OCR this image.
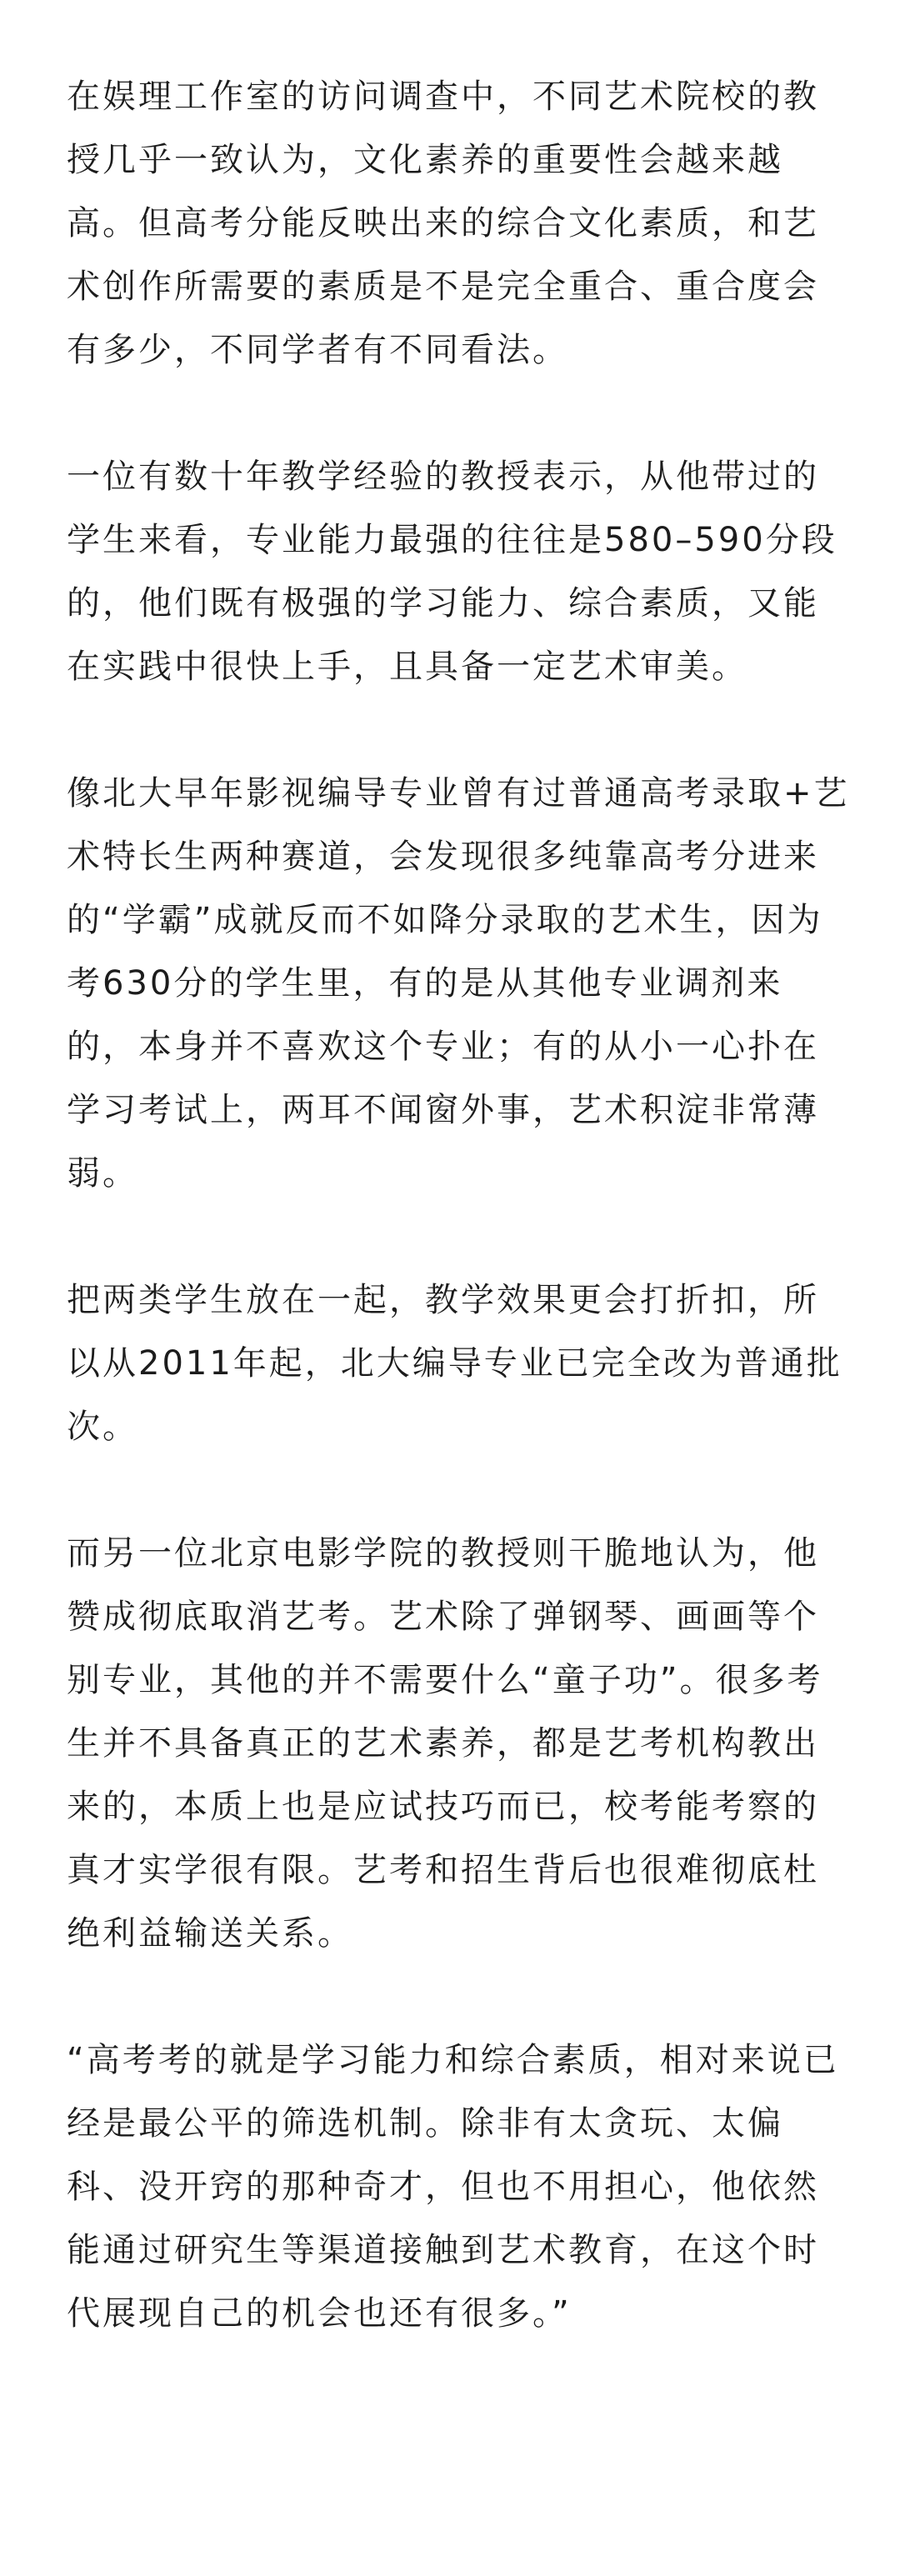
在娱理工作室的访问调查中，不同艺术院校的教
授几乎一致认为，文化素养的重要性会越来越
高。但高考分能反映出来的综合文化素质，和艺
术创作所需要的素质是不是完全重合、重合度会
有多少，不同学者有不同看法。
一位有数十年教学经验的教授表示，从他带过的
学生来看，专业能力最强的往往是580–590分段
的，他们既有极强的学习能力、综合素质，又能
在实践中很快上手，且具备一定艺术审美。
像北大早年影视编导专业曾有过普通高考录取+艺
术特长生两种赛道，会发现很多纯靠高考分进来
的“学霸”成就反而不如降分录取的艺术生，因为
考630分的学生里，有的是从其他专业调剂来
的，本身并不喜欢这个专业；有的从小一心扑在
学习考试上，两耳不闻窗外事，艺术积淀非常薄
弱。
把两类学生放在一起，教学效果更会打折扣，所
以从2011年起，北大编导专业已完全改为普通批
次。
而另一位北京电影学院的教授则干脆地认为，他
赞成彻底取消艺考。艺术除了弹钢琴、画画等个
别专业，其他的并不需要什么“童子功”。很多考
生并不具备真正的艺术素养，都是艺考机构教出
来的，本质上也是应试技巧而已，校考能考察的
真才实学很有限。艺考和招生背后也很难彻底杜
绝利益输送关系。
“高考考的就是学习能力和综合素质，相对来说已
经是最公平的筛选机制。除非有太贪玩、太偏
科、没开窍的那种奇才，但也不用担心，他依然
能通过研究生等渠道接触到艺术教育，在这个时
代展现自己的机会也还有很多。”
